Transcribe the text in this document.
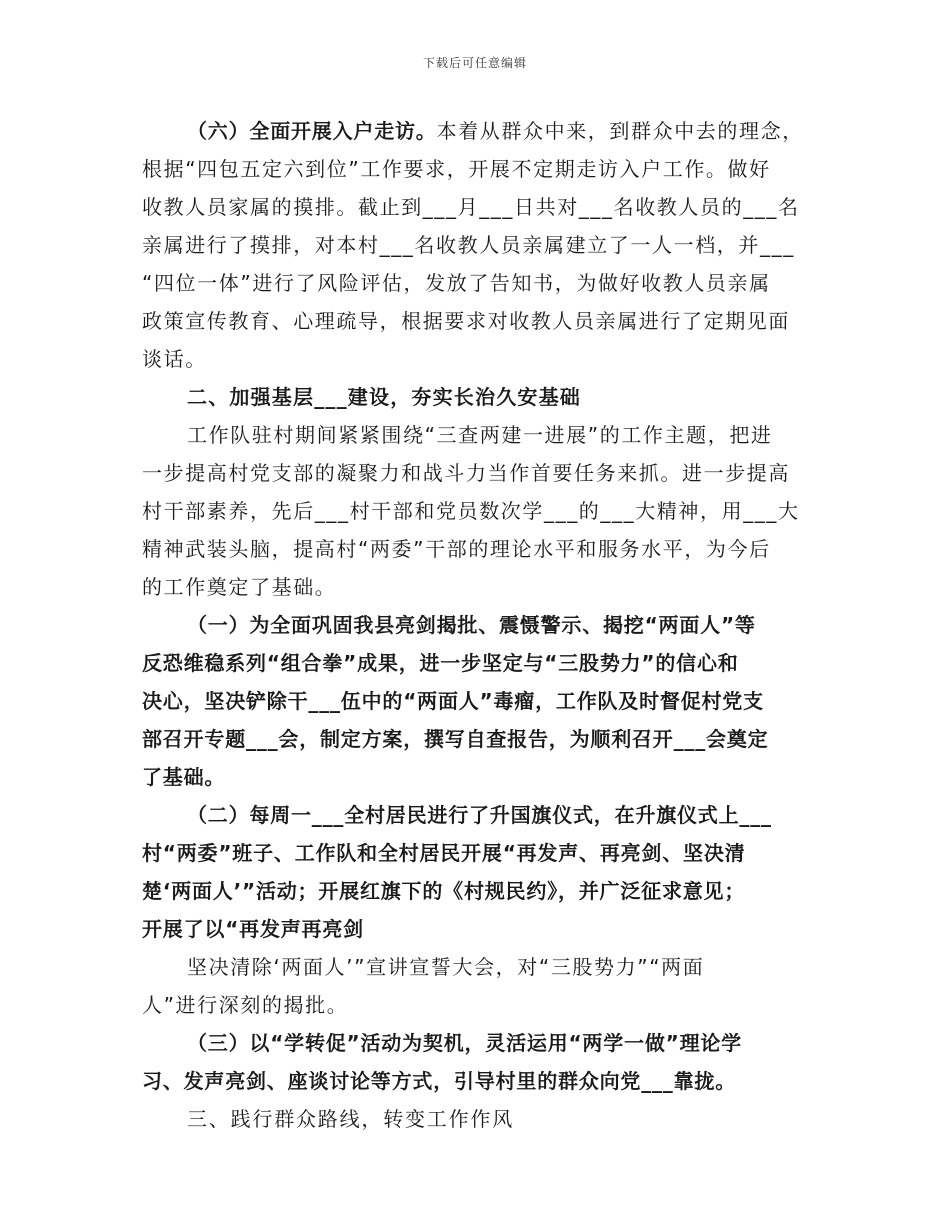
下载后可任意编辑

（六）全面开展入户走访。本着从群众中来，到群众中去的理念，
根据“四包五定六到位”工作要求，开展不定期走访入户工作。做好
收教人员家属的摸排。截止到___月___日共对___名收教人员的___名
亲属进行了摸排，对本村___名收教人员亲属建立了一人一档，并___
“四位一体”进行了风险评估，发放了告知书，为做好收教人员亲属
政策宣传教育、心理疏导，根据要求对收教人员亲属进行了定期见面
谈话。

二、加强基层___建设，夯实长治久安基础

工作队驻村期间紧紧围绕“三查两建一进展”的工作主题，把进
一步提高村党支部的凝聚力和战斗力当作首要任务来抓。进一步提高
村干部素养，先后___村干部和党员数次学___的___大精神，用___大
精神武装头脑，提高村“两委”干部的理论水平和服务水平，为今后
的工作奠定了基础。

（一）为全面巩固我县亮剑揭批、震慑警示、揭挖“两面人”等
反恐维稳系列“组合拳”成果，进一步坚定与“三股势力”的信心和
决心，坚决铲除干___伍中的“两面人”毒瘤，工作队及时督促村党支
部召开专题___会，制定方案，撰写自查报告，为顺利召开___会奠定
了基础。

（二）每周一___全村居民进行了升国旗仪式，在升旗仪式上___
村“两委”班子、工作队和全村居民开展“再发声、再亮剑、坚决清
楚‘两面人’”活动；开展红旗下的《村规民约》，并广泛征求意见；
开展了以“再发声再亮剑

坚决清除‘两面人’”宣讲宣誓大会，对“三股势力”“两面
人”进行深刻的揭批。

（三）以“学转促”活动为契机，灵活运用“两学一做”理论学
习、发声亮剑、座谈讨论等方式，引导村里的群众向党___靠拢。

三、践行群众路线，转变工作作风
